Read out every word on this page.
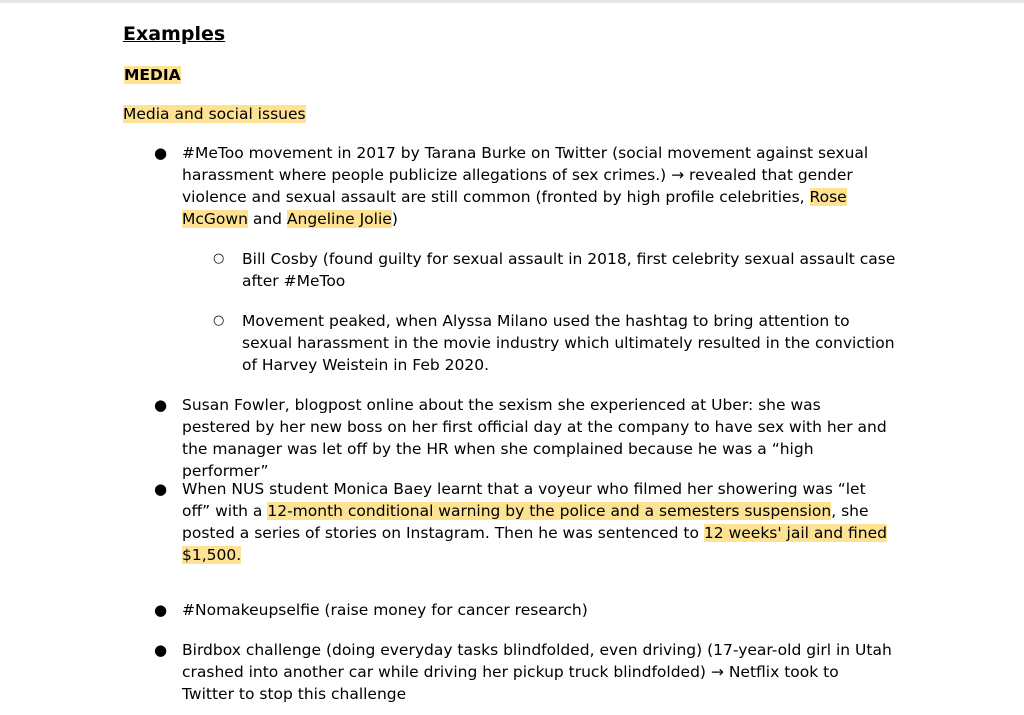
Examples
MEDIA
Media and social issues
● #MeToo movement in 2017 by Tarana Burke on Twitter (social movement against sexual harassment where people publicize allegations of sex crimes.) → revealed that gender violence and sexual assault are still common (fronted by high profile celebrities, Rose McGown and Angeline Jolie)
○ Bill Cosby (found guilty for sexual assault in 2018, first celebrity sexual assault case after #MeToo
○ Movement peaked, when Alyssa Milano used the hashtag to bring attention to sexual harassment in the movie industry which ultimately resulted in the conviction of Harvey Weistein in Feb 2020.
● Susan Fowler, blogpost online about the sexism she experienced at Uber: she was pestered by her new boss on her first official day at the company to have sex with her and the manager was let off by the HR when she complained because he was a “high performer”
● When NUS student Monica Baey learnt that a voyeur who filmed her showering was “let off” with a 12-month conditional warning by the police and a semesters suspension, she posted a series of stories on Instagram. Then he was sentenced to 12 weeks' jail and fined $1,500.
● #Nomakeupselfie (raise money for cancer research)
● Birdbox challenge (doing everyday tasks blindfolded, even driving) (17-year-old girl in Utah crashed into another car while driving her pickup truck blindfolded) → Netflix took to Twitter to stop this challenge
